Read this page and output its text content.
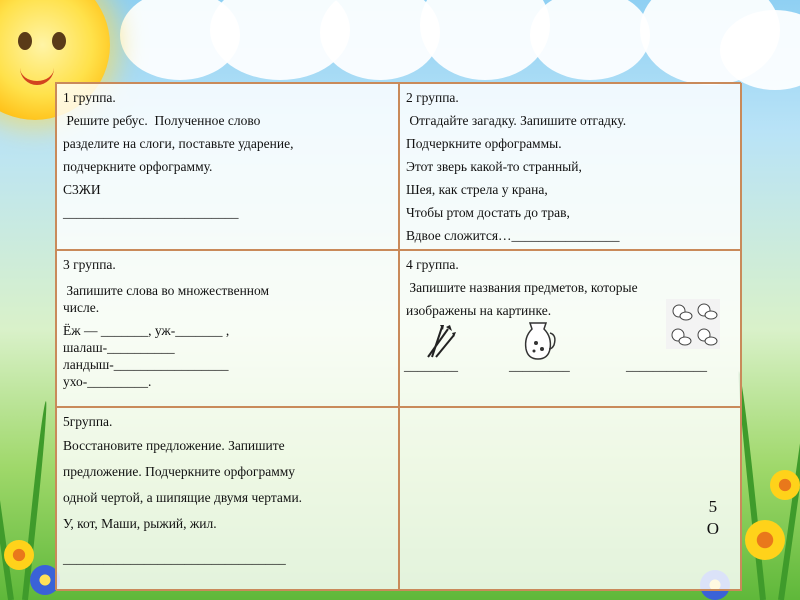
1 группа.
Решите ребус.  Полученное слово
разделите на слоги, поставьте ударение,
подчеркните орфограмму.
С3ЖИ
__________________________
2 группа.
Отгадайте загадку. Запишите отгадку.
Подчеркните орфограммы.
Этот зверь какой-то странный,
Шея, как стрела у крана,
Чтобы ртом достать до трав,
Вдвое сложится…________________
3 группа.
Запишите слова во множественном
числе.
Ёж — _______, уж-_______ ,
шалаш-__________
ландыш-_________________
ухо-_________.
4 группа.
Запишите названия предметов, которые
изображены на картинке.
________	_________	____________
5группа.
Восстановите предложение. Запишите
предложение. Подчеркните орфограмму
одной чертой, а шипящие двумя чертами.
У, кот, Маши, рыжий, жил.
_________________________________
5
О
